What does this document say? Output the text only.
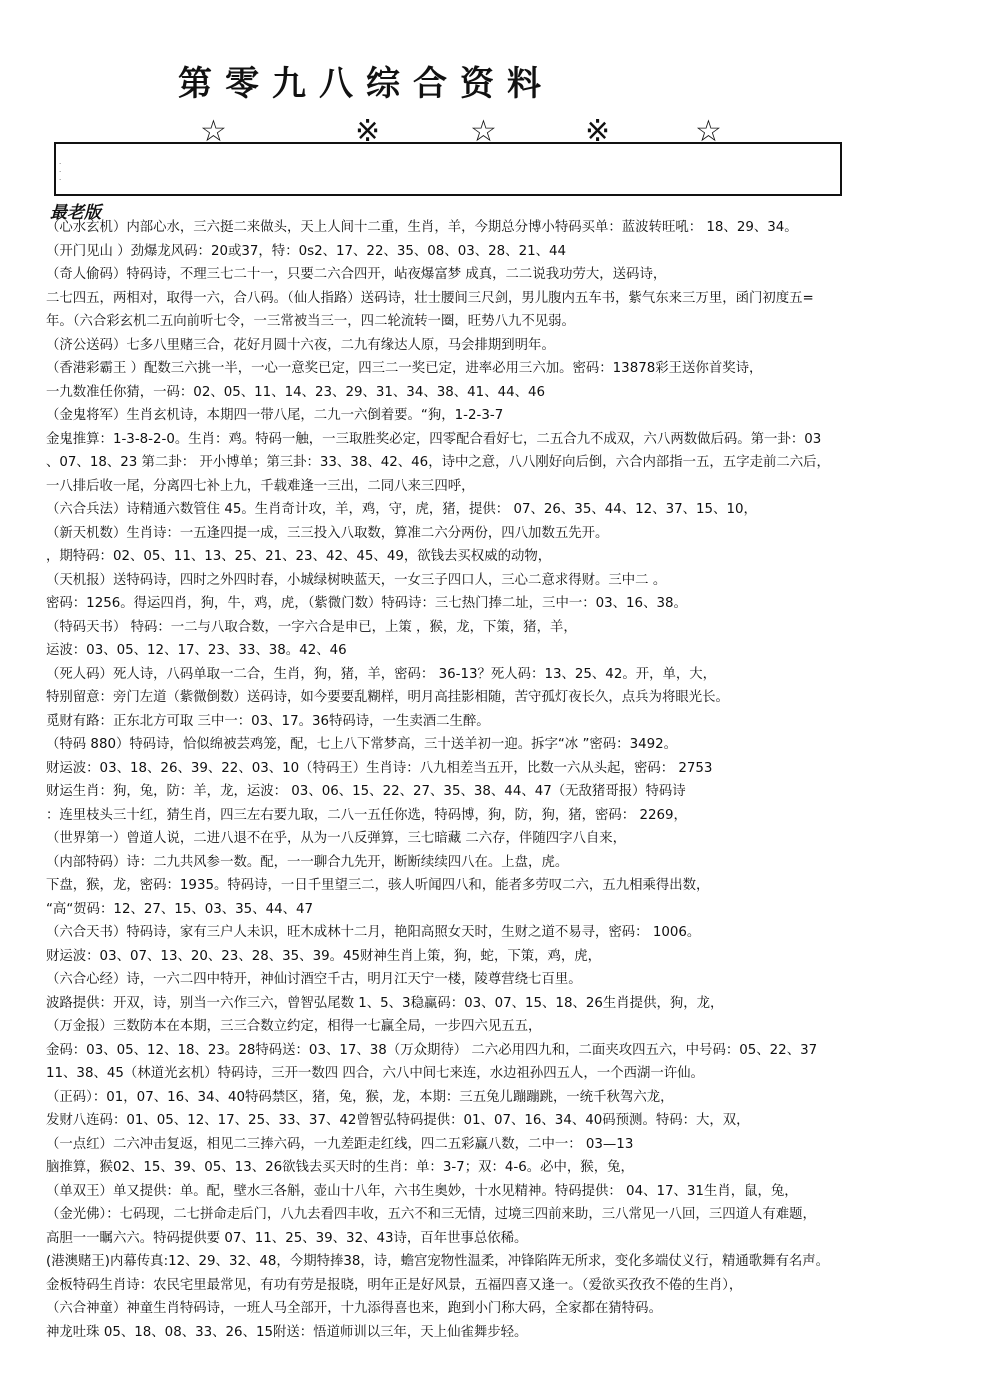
第零九八综合资料
☆	※	☆	※	☆
·
·
·
最老版
（心水玄机）内部心水，三六挺二来做头，天上人间十二重，生肖，羊，今期总分博小特码买单：蓝波转旺吼： 18、29、34。
（开门见山 ）劲爆龙风码：20或37，特：0s2、17、22、35、08、03、28、21、44
（奇人偷码）特码诗，不理三七二十一，只要二六合四开，岾夜爆富梦 成真，二二说我功劳大，送码诗，
二七四五，两相对，取得一六，合八码。（仙人指路）送码诗，壮士腰间三尺剑，男儿腹内五车书，紫气东来三万里，函门初度五=
年。（六合彩玄机二五向前听七令，一三常被当三一，四二轮流转一圈，旺势八九不见弱。
（济公送码）七多八里赌三合，花好月圆十六夜，二九有缘达人原，马会排期到明年。
（香港彩霸王 ）配数三六挑一半，一心一意奖已定，四三二一奖已定，进率必用三六加。密码：13878彩王送你首奖诗，
一九数准任你猜，一码：02、05、11、14、23、29、31、34、38、41、44、46
（金鬼将军）生肖玄机诗，本期四一带八尾，二九一六倒着要。“狗，1-2-3-7
金鬼推算：1-3-8-2-0。生肖：鸡。特码一触，一三取胜奖必定，四零配合看好七，二五合九不成双，六八两数做后码。第一卦：03
、07、18、23 第二卦： 开小博单；第三卦：33、38、42、46，诗中之意，八八刚好向后倒，六合内部指一五，五字走前二六后，
一八排后收一尾，分离四七补上九，千载难逢一三出，二同八来三四呼，
（六合兵法）诗精通六数管住 45。生肖奇计攻，羊，鸡，守，虎，猪，提供： 07、26、35、44、12、37、15、10，
（新天机数）生肖诗：一五逢四提一成，三三投入八取数，算准二六分两份，四八加数五先开。
，期特码：02、05、11、13、25、21、23、42、45、49，欲钱去买权威的动物，
（天机报）送特码诗，四时之外四时春，小城绿树映蓝天，一女三子四口人，三心二意求得财。三中二 。
密码：1256。得运四肖，狗，牛，鸡，虎，（紫微门数）特码诗：三七热门捧二址，三中一：03、16、38。
（特码天书） 特码：一二与八取合数，一字六合是申已，上策 ，猴，龙，下策，猪，羊，
运波：03、05、12、17、23、33、38。42、46
（死人码）死人诗，八码单取一二合，生肖，狗，猪，羊，密码： 36-13？死人码：13、25、42。开，单，大，
特别留意：旁门左道（紫微倒数）送码诗，如今要要乱糊样，明月高挂影相随，苦守孤灯夜长久，点兵为将眼光长。
觅财有路：正东北方可取 三中一：03、17。36特码诗，一生卖酒二生醉。
（特码 880）特码诗，恰似绵被芸鸡笼，配，七上八下常梦高，三十送羊初一迎。拆字“冰 ”密码：3492。
财运波：03、18、26、39、22、03、10（特码王）生肖诗：八九相差当五开，比数一六从头起，密码： 2753
财运生肖：狗，兔，防：羊，龙，运波： 03、06、15、22、27、35、38、44、47（无敌猪哥报）特码诗
：连里枝头三十红，猜生肖，四三左右要九取，二八一五任你选，特码博，狗，防，狗，猪，密码： 2269，
（世界第一）曾道人说，二进八退不在乎，从为一八反弹算，三七暗藏 二六存，伴随四字八自来，
（内部特码）诗：二九共风参一数。配，一一聊合九先开，断断续续四八在。上盘，虎。
下盘，猴，龙，密码：1935。特码诗，一日千里望三二，骇人听闻四八和，能者多劳叹二六，五九相乘得出数，
“高“贺码：12、27、15、03、35、44、47
（六合天书）特码诗，家有三户人未识，旺木成林十二月，艳阳高照女天时，生财之道不易寻，密码： 1006。
财运波：03、07、13、20、23、28、35、39。45财神生肖上策，狗，蛇，下策，鸡，虎，
（六合心经）诗，一六二四中特开，神仙讨酒空千古，明月江天宁一楼，陵尊营绕七百里。
波路提供：开双，诗，别当一六作三六，曾智弘尾数 1、5、3稳赢码：03、07、15、18、26生肖提供，狗，龙，
（万金报）三数防本在本期，三三合数立约定，相得一七赢全局，一步四六见五五，
金码：03、05、12、18、23。28特码送：03、17、38（万众期待） 二六必用四九和，二面夹攻四五六，中号码：05、22、37
11、38、45（林道光玄机）特码诗，三开一数四 四合，六八中间七来连，水边祖孙四五人，一个西湖一许仙。
（正码）：01，07、16、34、40特码禁区，猪，兔，猴，龙，本期：三五兔儿蹦蹦跳，一统千秋驾六龙，
发财八连码：01、05、12、17、25、33、37、42曾智弘特码提供：01、07、16、34、40码预测。特码：大，双，
（一点红）二六冲击复返，相见二三捧六码，一九差距走红线，四二五彩赢八数，二中一： 03—13
脑推算，猴02、15、39、05、13、26欲钱去买天时的生肖：单：3-7；双：4-6。必中，猴，兔，
（单双王）单又提供：单。配，壁水三各斛，壶山十八年，六书生奥妙，十水见精神。特码提供： 04、17、31生肖，鼠，兔，
（金光佛）：七码现，二七拼命走后门，八九去看四丰收，五六不和三无情，过境三四前来助，三八常见一八回，三四道人有难题，
高胆一一瞩六六。特码提供要 07、11、25、39、32、43诗，百年世事总依稀。
(港澳赌王)内幕传真:12、29、32、48，今期特捧38，诗，蟾宫宠物性温柔，冲锋陷阵无所求，变化多端仗义行，精通歌舞有名声。
金板特码生肖诗：农民宅里最常见，有功有劳是报晓，明年正是好风景，五福四喜又逢一。（爱欲买孜孜不倦的生肖），
（六合神童）神童生肖特码诗，一班人马全部开，十九添得喜也来，跑到小门称大码，全家都在猜特码。
神龙吐珠 05、18、08、33、26、15附送：悟道师训以三年，天上仙雀舞步轻。
